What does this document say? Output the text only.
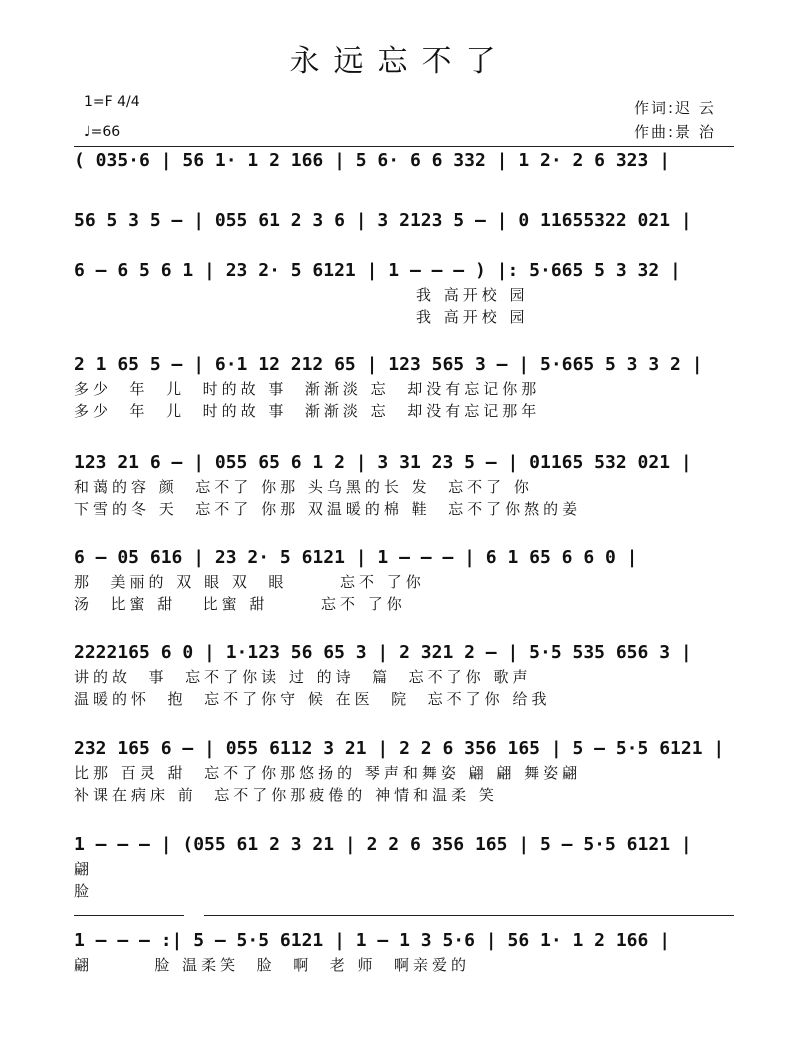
永远忘不了
1=F 4/4
♩=66
作词:迟 云
作曲:景 治
( 035·6 | 56 1· 1 2 166 | 5 6· 6 6 332 | 1 2· 2 6 323 |
56 5 3 5 – | 055 61 2 3 6 | 3 2123 5 – | 0 11655322 021 |
6 – 6 5 6 1 | 23 2· 5 6121 | 1 – – – ) |: 5·665 5 3 32 |
我 高开校 园
我 高开校 园
2 1 65 5 – | 6·1 12 212 65 | 123 565 3 – | 5·665 5 3 3 2 |
多少  年  儿  时的故 事  渐渐淡 忘  却没有忘记你那
多少  年  儿  时的故 事  渐渐淡 忘  却没有忘记那年
123 21 6 – | 055 65 6 1 2 | 3 31 23 5 – | 01165 532 021 |
和蔼的容 颜  忘不了 你那 头乌黑的长 发  忘不了 你
下雪的冬 天  忘不了 你那 双温暖的棉 鞋  忘不了你熬的姜
6 – 05 616 | 23 2· 5 6121 | 1 – – – | 6 1 65 6 6 0 |
那  美丽的 双 眼 双  眼      忘不 了你
汤  比蜜 甜   比蜜 甜      忘不 了你
2222165 6 0 | 1·123 56 65 3 | 2 321 2 – | 5·5 535 656 3 |
讲的故  事  忘不了你读 过 的诗  篇  忘不了你 歌声
温暖的怀  抱  忘不了你守 候 在医  院  忘不了你 给我
232 165 6 – | 055 6112 3 21 | 2 2 6 356 165 | 5 – 5·5 6121 |
比那 百灵 甜  忘不了你那悠扬的 琴声和舞姿 翩 翩 舞姿翩
补课在病床 前  忘不了你那疲倦的 神情和温柔 笑
1 – – – | (055 61 2 3 21 | 2 2 6 356 165 | 5 – 5·5 6121 |
翩
脸
1 – – – :| 5 – 5·5 6121 | 1 – 1 3 5·6 | 56 1· 1 2 166 |
翩       脸 温柔笑  脸  啊  老 师  啊亲爱的
